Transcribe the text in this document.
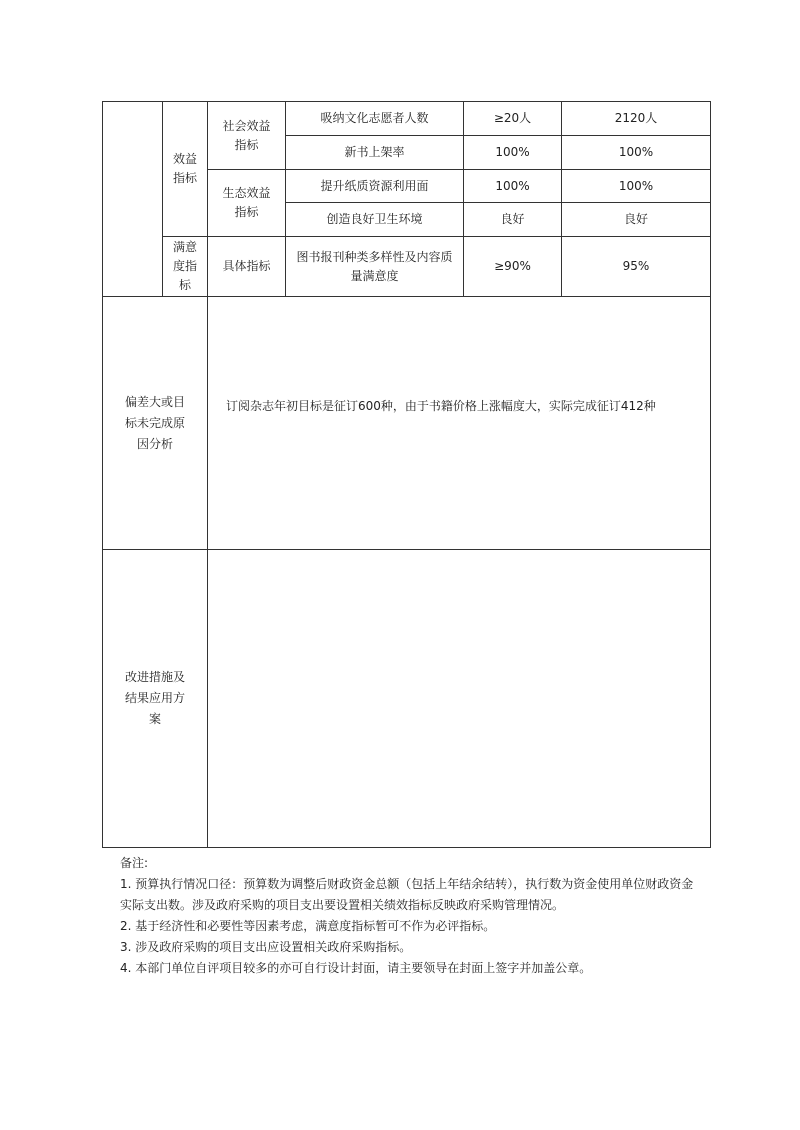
	效益指标	社会效益指标	吸纳文化志愿者人数	≥20人	2120人
			新书上架率	100%	100%
		生态效益指标	提升纸质资源利用面	100%	100%
			创造良好卫生环境	良好	良好
	满意度指标	具体指标	图书报刊种类多样性及内容质量满意度	≥90%	95%
偏差大或目标未完成原因分析		订阅杂志年初目标是征订600种，由于书籍价格上涨幅度大，实际完成征订412种			

改进措施及结果应用方案					
备注:
1. 预算执行情况口径：预算数为调整后财政资金总额（包括上年结余结转），执行数为资金使用单位财政资金实际支出数。涉及政府采购的项目支出要设置相关绩效指标反映政府采购管理情况。
2. 基于经济性和必要性等因素考虑，满意度指标暂可不作为必评指标。
3. 涉及政府采购的项目支出应设置相关政府采购指标。
4. 本部门单位自评项目较多的亦可自行设计封面，请主要领导在封面上签字并加盖公章。
